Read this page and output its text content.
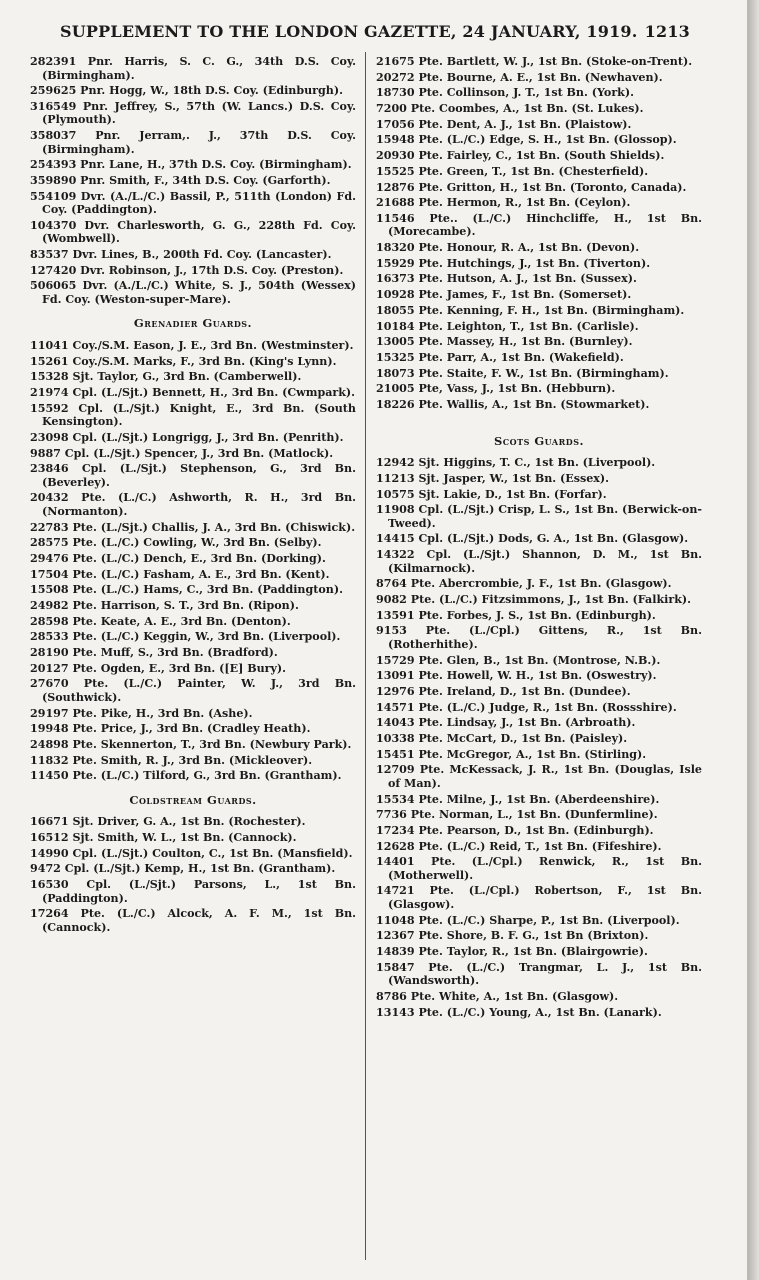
SUPPLEMENT TO THE LONDON GAZETTE, 24 JANUARY, 1919. 1213
282391 Pnr. Harris, S. C. G., 34th D.S. Coy. (Birmingham).
259625 Pnr. Hogg, W., 18th D.S. Coy. (Edinburgh).
316549 Pnr. Jeffrey, S., 57th (W. Lancs.) D.S. Coy. (Plymouth).
358037 Pnr. Jerram,. J., 37th D.S. Coy. (Birmingham).
254393 Pnr. Lane, H., 37th D.S. Coy. (Birmingham).
359890 Pnr. Smith, F., 34th D.S. Coy. (Garforth).
554109 Dvr. (A./L./C.) Bassil, P., 511th (London) Fd. Coy. (Paddington).
104370 Dvr. Charlesworth, G. G., 228th Fd. Coy. (Wombwell).
83537 Dvr. Lines, B., 200th Fd. Coy. (Lancaster).
127420 Dvr. Robinson, J., 17th D.S. Coy. (Preston).
506065 Dvr. (A./L./C.) White, S. J., 504th (Wessex) Fd. Coy. (Weston-super-Mare).
Grenadier Guards.
11041 Coy./S.M. Eason, J. E., 3rd Bn. (Westminster).
15261 Coy./S.M. Marks, F., 3rd Bn. (King's Lynn).
15328 Sjt. Taylor, G., 3rd Bn. (Camberwell).
21974 Cpl. (L./Sjt.) Bennett, H., 3rd Bn. (Cwmpark).
15592 Cpl. (L./Sjt.) Knight, E., 3rd Bn. (South Kensington).
23098 Cpl. (L./Sjt.) Longrigg, J., 3rd Bn. (Penrith).
9887 Cpl. (L./Sjt.) Spencer, J., 3rd Bn. (Matlock).
23846 Cpl. (L./Sjt.) Stephenson, G., 3rd Bn. (Beverley).
20432 Pte. (L./C.) Ashworth, R. H., 3rd Bn. (Normanton).
22783 Pte. (L./Sjt.) Challis, J. A., 3rd Bn. (Chiswick).
28575 Pte. (L./C.) Cowling, W., 3rd Bn. (Selby).
29476 Pte. (L./C.) Dench, E., 3rd Bn. (Dorking).
17504 Pte. (L./C.) Fasham, A. E., 3rd Bn. (Kent).
15508 Pte. (L./C.) Hams, C., 3rd Bn. (Paddington).
24982 Pte. Harrison, S. T., 3rd Bn. (Ripon).
28598 Pte. Keate, A. E., 3rd Bn. (Denton).
28533 Pte. (L./C.) Keggin, W., 3rd Bn. (Liverpool).
28190 Pte. Muff, S., 3rd Bn. (Bradford).
20127 Pte. Ogden, E., 3rd Bn. ([E] Bury).
27670 Pte. (L./C.) Painter, W. J., 3rd Bn. (Southwick).
29197 Pte. Pike, H., 3rd Bn. (Ashe).
19948 Pte. Price, J., 3rd Bn. (Cradley Heath).
24898 Pte. Skennerton, T., 3rd Bn. (Newbury Park).
11832 Pte. Smith, R. J., 3rd Bn. (Mickleover).
11450 Pte. (L./C.) Tilford, G., 3rd Bn. (Grantham).
Coldstream Guards.
16671 Sjt. Driver, G. A., 1st Bn. (Rochester).
16512 Sjt. Smith, W. L., 1st Bn. (Cannock).
14990 Cpl. (L./Sjt.) Coulton, C., 1st Bn. (Mansfield).
9472 Cpl. (L./Sjt.) Kemp, H., 1st Bn. (Grantham).
16530 Cpl. (L./Sjt.) Parsons, L., 1st Bn. (Paddington).
17264 Pte. (L./C.) Alcock, A. F. M., 1st Bn. (Cannock).
21675 Pte. Bartlett, W. J., 1st Bn. (Stoke-on-Trent).
20272 Pte. Bourne, A. E., 1st Bn. (Newhaven).
18730 Pte. Collinson, J. T., 1st Bn. (York).
7200 Pte. Coombes, A., 1st Bn. (St. Lukes).
17056 Pte. Dent, A. J., 1st Bn. (Plaistow).
15948 Pte. (L./C.) Edge, S. H., 1st Bn. (Glossop).
20930 Pte. Fairley, C., 1st Bn. (South Shields).
15525 Pte. Green, T., 1st Bn. (Chesterfield).
12876 Pte. Gritton, H., 1st Bn. (Toronto, Canada).
21688 Pte. Hermon, R., 1st Bn. (Ceylon).
11546 Pte.. (L./C.) Hinchcliffe, H., 1st Bn. (Morecambe).
18320 Pte. Honour, R. A., 1st Bn. (Devon).
15929 Pte. Hutchings, J., 1st Bn. (Tiverton).
16373 Pte. Hutson, A. J., 1st Bn. (Sussex).
10928 Pte. James, F., 1st Bn. (Somerset).
18055 Pte. Kenning, F. H., 1st Bn. (Birmingham).
10184 Pte. Leighton, T., 1st Bn. (Carlisle).
13005 Pte. Massey, H., 1st Bn. (Burnley).
15325 Pte. Parr, A., 1st Bn. (Wakefield).
18073 Pte. Staite, F. W., 1st Bn. (Birmingham).
21005 Pte, Vass, J., 1st Bn. (Hebburn).
18226 Pte. Wallis, A., 1st Bn. (Stowmarket).
Scots Guards.
12942 Sjt. Higgins, T. C., 1st Bn. (Liverpool).
11213 Sjt. Jasper, W., 1st Bn. (Essex).
10575 Sjt. Lakie, D., 1st Bn. (Forfar).
11908 Cpl. (L./Sjt.) Crisp, L. S., 1st Bn. (Berwick-on-Tweed).
14415 Cpl. (L./Sjt.) Dods, G. A., 1st Bn. (Glasgow).
14322 Cpl. (L./Sjt.) Shannon, D. M., 1st Bn. (Kilmarnock).
8764 Pte. Abercrombie, J. F., 1st Bn. (Glasgow).
9082 Pte. (L./C.) Fitzsimmons, J., 1st Bn. (Falkirk).
13591 Pte. Forbes, J. S., 1st Bn. (Edinburgh).
9153 Pte. (L./Cpl.) Gittens, R., 1st Bn. (Rotherhithe).
15729 Pte. Glen, B., 1st Bn. (Montrose, N.B.).
13091 Pte. Howell, W. H., 1st Bn. (Oswestry).
12976 Pte. Ireland, D., 1st Bn. (Dundee).
14571 Pte. (L./C.) Judge, R., 1st Bn. (Rossshire).
14043 Pte. Lindsay, J., 1st Bn. (Arbroath).
10338 Pte. McCart, D., 1st Bn. (Paisley).
15451 Pte. McGregor, A., 1st Bn. (Stirling).
12709 Pte. McKessack, J. R., 1st Bn. (Douglas, Isle of Man).
15534 Pte. Milne, J., 1st Bn. (Aberdeenshire).
7736 Pte. Norman, L., 1st Bn. (Dunfermline).
17234 Pte. Pearson, D., 1st Bn. (Edinburgh).
12628 Pte. (L./C.) Reid, T., 1st Bn. (Fifeshire).
14401 Pte. (L./Cpl.) Renwick, R., 1st Bn. (Motherwell).
14721 Pte. (L./Cpl.) Robertson, F., 1st Bn. (Glasgow).
11048 Pte. (L./C.) Sharpe, P., 1st Bn. (Liverpool).
12367 Pte. Shore, B. F. G., 1st Bn (Brixton).
14839 Pte. Taylor, R., 1st Bn. (Blairgowrie).
15847 Pte. (L./C.) Trangmar, L. J., 1st Bn. (Wandsworth).
8786 Pte. White, A., 1st Bn. (Glasgow).
13143 Pte. (L./C.) Young, A., 1st Bn. (Lanark).
